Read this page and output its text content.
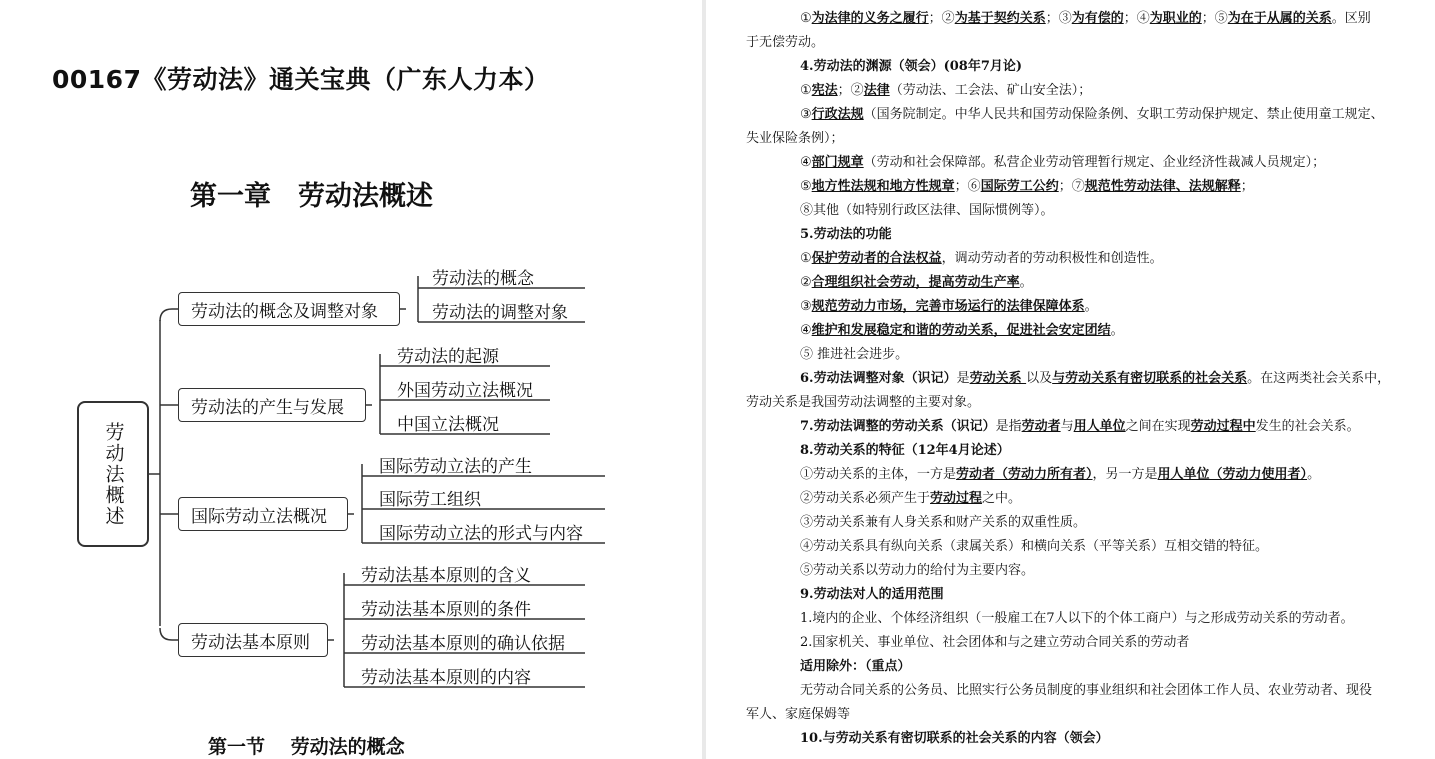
00167《劳动法》通关宝典（广东人力本）
第一章　劳动法概述
劳动法概述
劳动法的概念及调整对象
劳动法的概念
劳动法的调整对象
劳动法的产生与发展
劳动法的起源
外国劳动立法概况
中国立法概况
国际劳动立法概况
国际劳动立法的产生
国际劳工组织
国际劳动立法的形式与内容
劳动法基本原则
劳动法基本原则的含义
劳动法基本原则的条件
劳动法基本原则的确认依据
劳动法基本原则的内容
第一节　 劳动法的概念

①为法律的义务之履行；②为基于契约关系；③为有偿的；④为职业的；⑤为在于从属的关系。区别

于无偿劳动。

4.劳动法的渊源（领会）(08年7月论)

①宪法；②法律（劳动法、工会法、矿山安全法）；

③行政法规（国务院制定。中华人民共和国劳动保险条例、女职工劳动保护规定、禁止使用童工规定、

失业保险条例）；

④部门规章（劳动和社会保障部。私营企业劳动管理暂行规定、企业经济性裁减人员规定）；

⑤地方性法规和地方性规章；⑥国际劳工公约；⑦规范性劳动法律、法规解释；

⑧其他（如特别行政区法律、国际惯例等）。

5.劳动法的功能

①保护劳动者的合法权益，调动劳动者的劳动积极性和创造性。

②合理组织社会劳动，提高劳动生产率。

③规范劳动力市场，完善市场运行的法律保障体系。

④维护和发展稳定和谐的劳动关系，促进社会安定团结。

⑤ 推进社会进步。

6.劳动法调整对象（识记）是劳动关系 以及与劳动关系有密切联系的社会关系。在这两类社会关系中，

劳动关系是我国劳动法调整的主要对象。

7.劳动法调整的劳动关系（识记）是指劳动者与用人单位之间在实现劳动过程中发生的社会关系。

8.劳动关系的特征（12年4月论述）

①劳动关系的主体，一方是劳动者（劳动力所有者），另一方是用人单位（劳动力使用者）。

②劳动关系必须产生于劳动过程之中。

③劳动关系兼有人身关系和财产关系的双重性质。

④劳动关系具有纵向关系（隶属关系）和横向关系（平等关系）互相交错的特征。

⑤劳动关系以劳动力的给付为主要内容。

9.劳动法对人的适用范围

1.境内的企业、个体经济组织（一般雇工在7人以下的个体工商户）与之形成劳动关系的劳动者。

2.国家机关、事业单位、社会团体和与之建立劳动合同关系的劳动者

适用除外：（重点）

无劳动合同关系的公务员、比照实行公务员制度的事业组织和社会团体工作人员、农业劳动者、现役

军人、家庭保姆等

10.与劳动关系有密切联系的社会关系的内容（领会）
